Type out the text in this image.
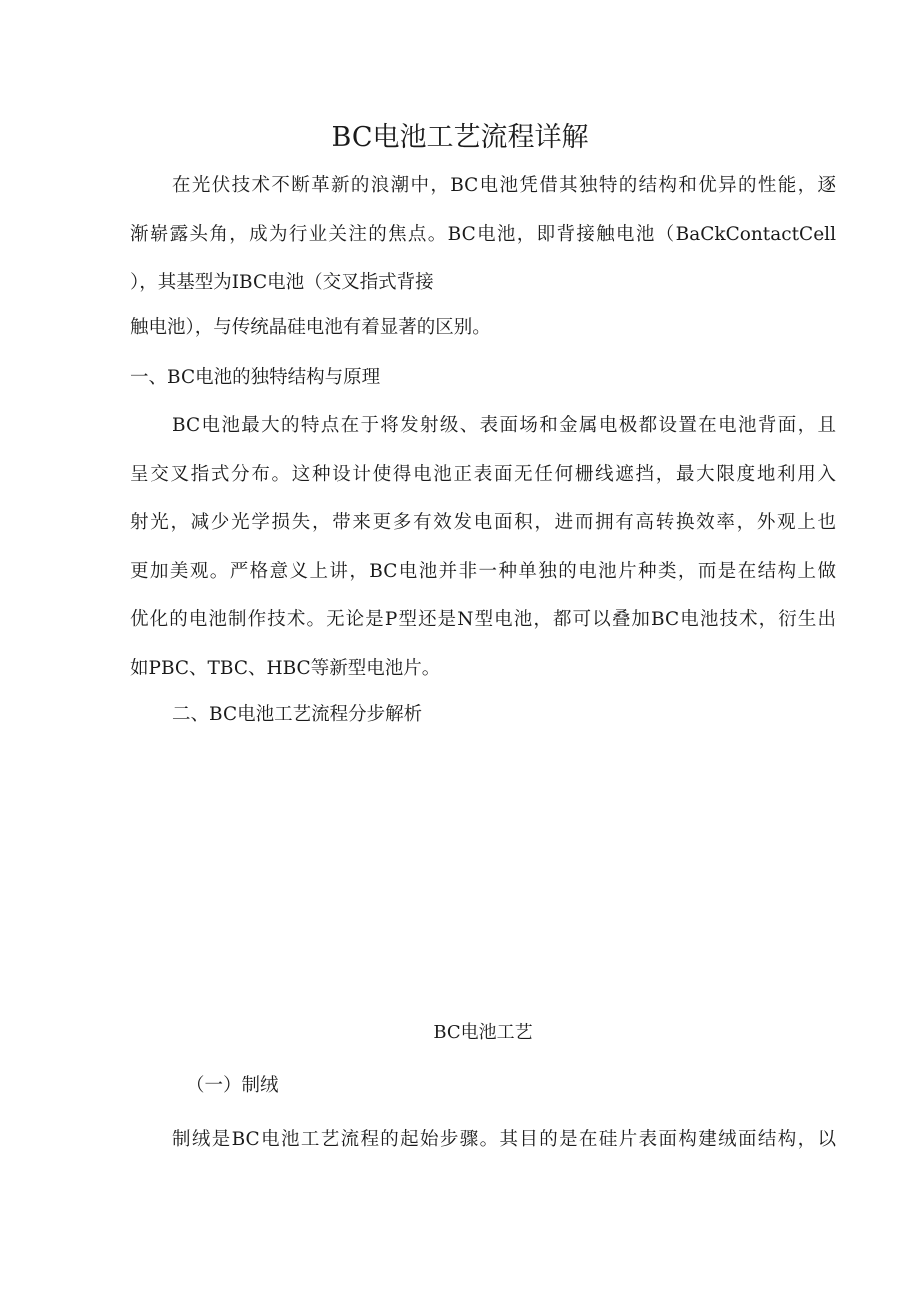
BC电池工艺流程详解
在光伏技术不断革新的浪潮中，BC电池凭借其独特的结构和优异的性能，逐
渐崭露头角，成为行业关注的焦点。BC电池，即背接触电池（BaCkContactCell
），其基型为IBC电池（交叉指式背接
触电池），与传统晶硅电池有着显著的区别。
一、BC电池的独特结构与原理
BC电池最大的特点在于将发射级、表面场和金属电极都设置在电池背面，且
呈交叉指式分布。这种设计使得电池正表面无任何栅线遮挡，最大限度地利用入
射光，减少光学损失，带来更多有效发电面积，进而拥有高转换效率，外观上也
更加美观。严格意义上讲，BC电池并非一种单独的电池片种类，而是在结构上做
优化的电池制作技术。无论是P型还是N型电池，都可以叠加BC电池技术，衍生出
如PBC、TBC、HBC等新型电池片。
二、BC电池工艺流程分步解析
BC电池工艺
（一）制绒
制绒是BC电池工艺流程的起始步骤。其目的是在硅片表面构建绒面结构，以
